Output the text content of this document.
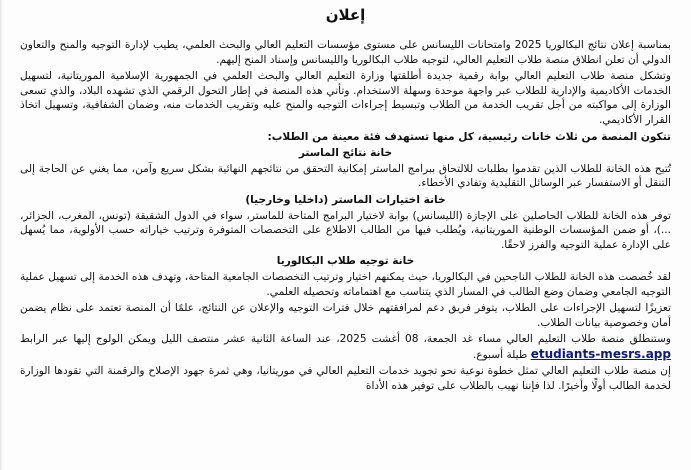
إعلان

بمناسبة إعلان نتائج البكالوريا 2025 وامتحانات الليسانس على مستوى مؤسسات التعليم العالي والبحث العلمي، يطيب لإدارة التوجيه والمنح والتعاون الدولي أن تعلن انطلاق منصة طلاب التعليم العالي، لتوجيه طلاب البكالوريا والليسانس وإسناد المنح إليهم.

وتشكل منصة طلاب التعليم العالي بوابة رقمية جديدة أطلقتها وزارة التعليم العالي والبحث العلمي في الجمهورية الإسلامية الموريتانية، لتسهيل الخدمات الأكاديمية والإدارية للطلاب عبر واجهة موحدة وسهلة الاستخدام. وتأتي هذه المنصة في إطار التحول الرقمي الذي تشهده البلاد، والذي تسعى الوزارة إلى مواكبته من أجل تقريب الخدمة من الطلاب وتبسيط إجراءات التوجيه والمنح عليه وتقريب الخدمات منه، وضمان الشفافية، وتسهيل اتخاذ القرار الأكاديمي.

تتكون المنصة من ثلاث خانات رئيسية، كل منها تستهدف فئة معينة من الطلاب:

خانة نتائج الماستر

تُتيح هذه الخانة للطلاب الذين تقدموا بطلبات للالتحاق ببرامج الماستر إمكانية التحقق من نتائجهم النهائية بشكل سريع وآمن، مما يغني عن الحاجة إلى التنقل أو الاستفسار عبر الوسائل التقليدية وتفادي الأخطاء.

خانة اختيارات الماستر (داخليا وخارجيا)

توفر هذه الخانة للطلاب الحاصلين على الإجازة (الليسانس) بوابة لاختيار البرامج المتاحة للماستر، سواء في الدول الشقيقة (تونس، المغرب، الجزائر، ...)، أو ضمن المؤسسات الوطنية الموريتانية، ويُطلب فيها من الطالب الاطلاع على التخصصات المتوفرة وترتيب خياراته حسب الأولوية، مما يُسهل على الإدارة عملية التوجيه والفرز لاحقًا.

خانة توجيه طلاب البكالوريا

لقد خُصصت هذه الخانة للطلاب الناجحين في البكالوريا، حيث يمكنهم اختيار وترتيب التخصصات الجامعية المتاحة، وتهدف هذه الخدمة إلى تسهيل عملية التوجيه الجامعي وضمان وضع الطالب في المسار الذي يتناسب مع اهتماماته وتحصيله العلمي.

تعزيزًا لتسهيل الإجراءات على الطلاب، يتوفر فريق دعم لمرافقتهم خلال فترات التوجيه والإعلان عن النتائج، علمًا أن المنصة تعتمد على نظام يضمن أمان وخصوصية بيانات الطلاب.

وستنطلق منصة طلاب التعليم العالي مساء غد الجمعة، 08 أغشت 2025، عند الساعة الثانية عشر منتصف الليل ويمكن الولوج إليها عبر الرابط etudiants-mesrs.app طيلة أسبوع.

إن منصة طلاب التعليم العالي تمثل خطوة نوعية نحو تجويد خدمات التعليم العالي في موريتانيا، وهي ثمرة جهود الإصلاح والرقمنة التي تقودها الوزارة لخدمة الطالب أولًا وأخيرًا. لذا فإننا نهيب بالطلاب على توفير هذه الأداة
